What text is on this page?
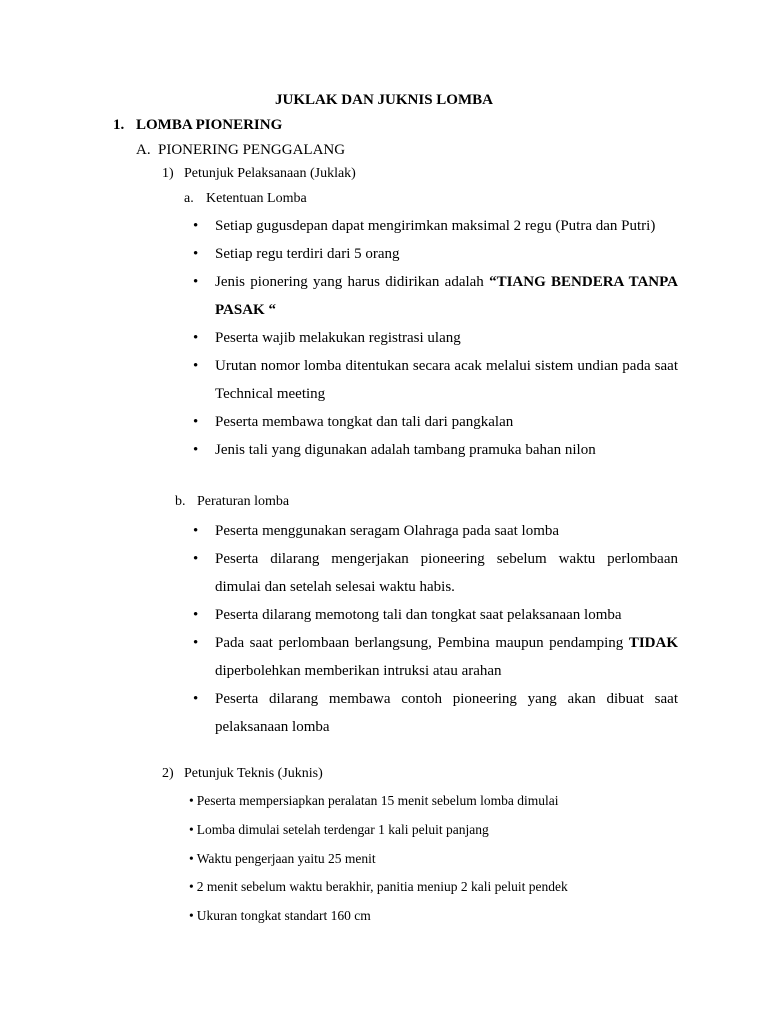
JUKLAK DAN JUKNIS LOMBA
1. LOMBA PIONERING
A. PIONERING PENGGALANG
1) Petunjuk Pelaksanaan (Juklak)
a. Ketentuan Lomba
• Setiap gugusdepan dapat mengirimkan maksimal 2 regu (Putra dan Putri)
• Setiap regu terdiri dari 5 orang
• Jenis pionering yang harus didirikan adalah “TIANG BENDERA TANPA PASAK “
• Peserta wajib melakukan registrasi ulang
• Urutan nomor lomba ditentukan secara acak melalui sistem undian pada saat Technical meeting
• Peserta membawa tongkat dan tali dari pangkalan
• Jenis tali yang digunakan adalah tambang pramuka bahan nilon
b. Peraturan lomba
• Peserta menggunakan seragam Olahraga pada saat lomba
• Peserta dilarang mengerjakan pioneering sebelum waktu perlombaan dimulai dan setelah selesai waktu habis.
• Peserta dilarang memotong tali dan tongkat saat pelaksanaan lomba
• Pada saat perlombaan berlangsung, Pembina maupun pendamping TIDAK diperbolehkan memberikan intruksi atau arahan
• Peserta dilarang membawa contoh pioneering yang akan dibuat saat pelaksanaan lomba
2) Petunjuk Teknis (Juknis)
• Peserta mempersiapkan peralatan 15 menit sebelum lomba dimulai
• Lomba dimulai setelah terdengar 1 kali peluit panjang
• Waktu pengerjaan yaitu 25 menit
• 2 menit sebelum waktu berakhir, panitia meniup 2 kali peluit pendek
• Ukuran tongkat standart 160 cm
